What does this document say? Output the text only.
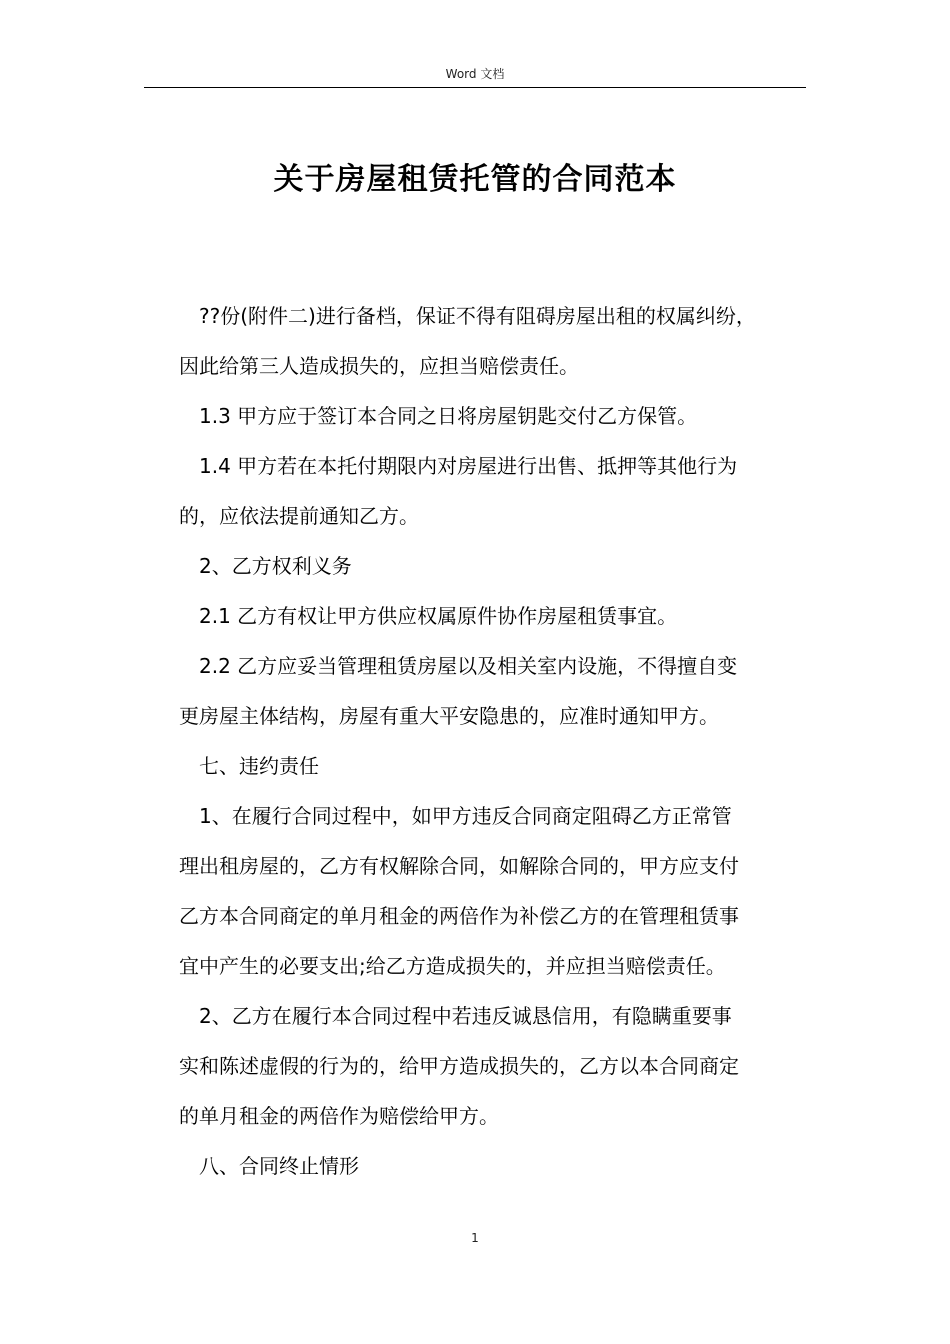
Word 文档
关于房屋租赁托管的合同范本

??份(附件二)进行备档，保证不得有阻碍房屋出租的权属纠纷，

因此给第三人造成损失的，应担当赔偿责任。

1.3 甲方应于签订本合同之日将房屋钥匙交付乙方保管。

1.4 甲方若在本托付期限内对房屋进行出售、抵押等其他行为

的，应依法提前通知乙方。

2、乙方权利义务

2.1 乙方有权让甲方供应权属原件协作房屋租赁事宜。

2.2 乙方应妥当管理租赁房屋以及相关室内设施，不得擅自变

更房屋主体结构，房屋有重大平安隐患的，应准时通知甲方。

七、违约责任

1、在履行合同过程中，如甲方违反合同商定阻碍乙方正常管

理出租房屋的，乙方有权解除合同，如解除合同的，甲方应支付

乙方本合同商定的单月租金的两倍作为补偿乙方的在管理租赁事

宜中产生的必要支出;给乙方造成损失的，并应担当赔偿责任。

2、乙方在履行本合同过程中若违反诚恳信用，有隐瞒重要事

实和陈述虚假的行为的，给甲方造成损失的，乙方以本合同商定

的单月租金的两倍作为赔偿给甲方。

八、合同终止情形

1
